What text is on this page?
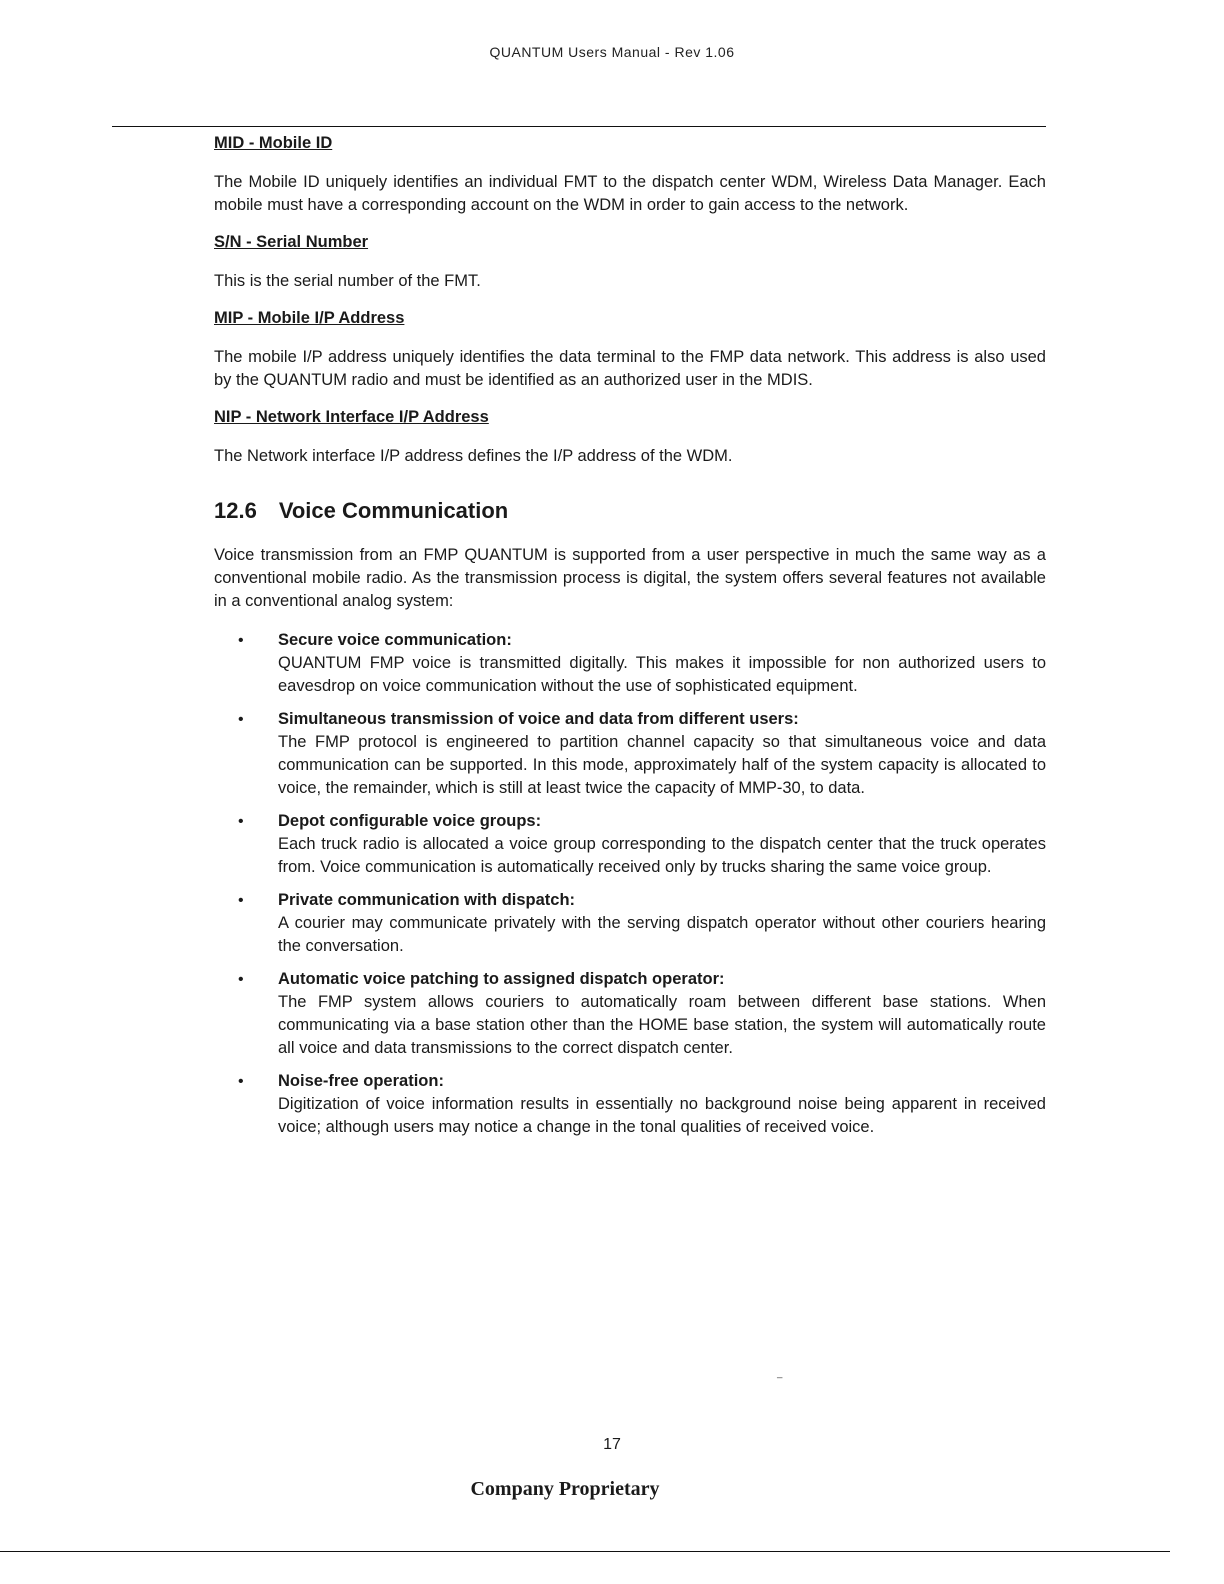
QUANTUM Users Manual - Rev 1.06
MID - Mobile ID

The Mobile ID uniquely identifies an individual FMT to the dispatch center WDM, Wireless Data Manager. Each mobile must have a corresponding account on the WDM in order to gain access to the network.

S/N - Serial Number

This is the serial number of the FMT.

MIP - Mobile I/P Address

The mobile I/P address uniquely identifies the data terminal to the FMP data network. This address is also used by the QUANTUM radio and must be identified as an authorized user in the MDIS.

NIP - Network Interface I/P Address

The Network interface I/P address defines the I/P address of the WDM.

12.6 Voice Communication

Voice transmission from an FMP QUANTUM is supported from a user perspective in much the same way as a conventional mobile radio. As the transmission process is digital, the system offers several features not available in a conventional analog system:

• Secure voice communication:
QUANTUM FMP voice is transmitted digitally. This makes it impossible for non authorized users to eavesdrop on voice communication without the use of sophisticated equipment.
• Simultaneous transmission of voice and data from different users:
The FMP protocol is engineered to partition channel capacity so that simultaneous voice and data communication can be supported. In this mode, approximately half of the system capacity is allocated to voice, the remainder, which is still at least twice the capacity of MMP-30, to data.
• Depot configurable voice groups:
Each truck radio is allocated a voice group corresponding to the dispatch center that the truck operates from. Voice communication is automatically received only by trucks sharing the same voice group.
• Private communication with dispatch:
A courier may communicate privately with the serving dispatch operator without other couriers hearing the conversation.
• Automatic voice patching to assigned dispatch operator:
The FMP system allows couriers to automatically roam between different base stations. When communicating via a base station other than the HOME base station, the system will automatically route all voice and data transmissions to the correct dispatch center.
• Noise-free operation:
Digitization of voice information results in essentially no background noise being apparent in received voice; although users may notice a change in the tonal qualities of received voice.
⁻
17
Company Proprietary
